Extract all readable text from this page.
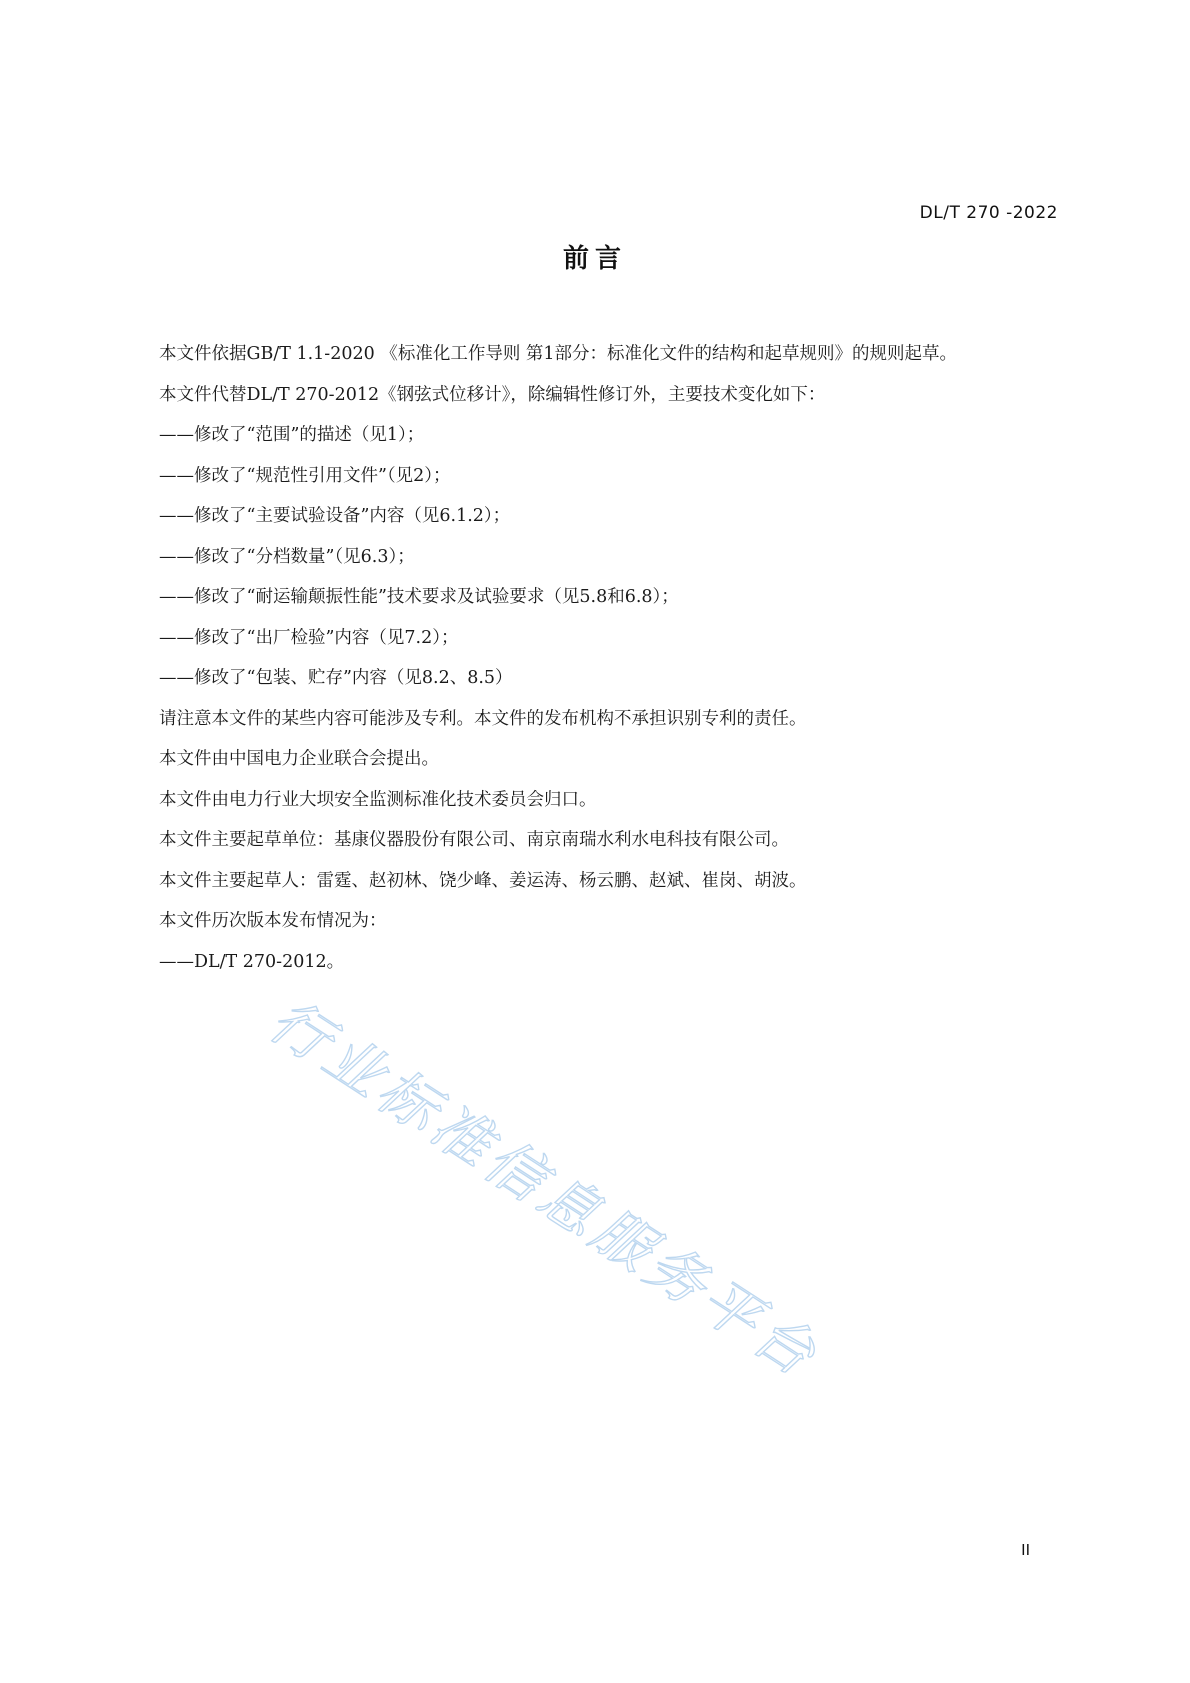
DL/T 270 -2022
前言

本文件依据GB/T 1.1-2020 《标准化工作导则 第1部分：标准化文件的结构和起草规则》的规则起草。

本文件代替DL/T 270-2012《钢弦式位移计》，除编辑性修订外，主要技术变化如下：

——修改了“范围”的描述（见1）；

——修改了“规范性引用文件”（见2）；

——修改了“主要试验设备”内容（见6.1.2）；

——修改了“分档数量”（见6.3）；

——修改了“耐运输颠振性能”技术要求及试验要求（见5.8和6.8）；

——修改了“出厂检验”内容（见7.2）；

——修改了“包装、贮存”内容（见8.2、8.5）

请注意本文件的某些内容可能涉及专利。本文件的发布机构不承担识别专利的责任。

本文件由中国电力企业联合会提出。

本文件由电力行业大坝安全监测标准化技术委员会归口。

本文件主要起草单位：基康仪器股份有限公司、南京南瑞水利水电科技有限公司。

本文件主要起草人：雷霆、赵初林、饶少峰、姜运涛、杨云鹏、赵斌、崔岗、胡波。

本文件历次版本发布情况为：

——DL/T 270-2012。

行业标准信息服务平台
II
